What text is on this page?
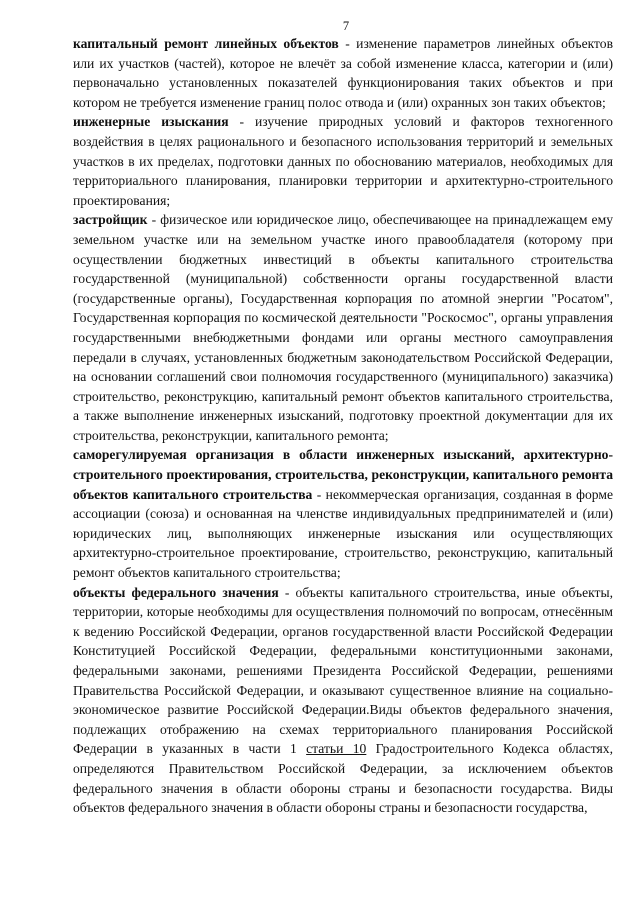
7

капитальный ремонт линейных объектов - изменение параметров линейных объектов или их участков (частей), которое не влечёт за собой изменение класса, категории и (или) первоначально установленных показателей функционирования таких объектов и при котором не требуется изменение границ полос отвода и (или) охранных зон таких объектов;

инженерные изыскания - изучение природных условий и факторов техногенного воздействия в целях рационального и безопасного использования территорий и земельных участков в их пределах, подготовки данных по обоснованию материалов, необходимых для территориального планирования, планировки территории и архитектурно-строительного проектирования;

застройщик - физическое или юридическое лицо, обеспечивающее на принадлежащем ему земельном участке или на земельном участке иного правообладателя (которому при осуществлении бюджетных инвестиций в объекты капитального строительства государственной (муниципальной) собственности органы государственной власти (государственные органы), Государственная корпорация по атомной энергии "Росатом", Государственная корпорация по космической деятельности "Роскосмос", органы управления государственными внебюджетными фондами или органы местного самоуправления передали в случаях, установленных бюджетным законодательством Российской Федерации, на основании соглашений свои полномочия государственного (муниципального) заказчика) строительство, реконструкцию, капитальный ремонт объектов капитального строительства, а также выполнение инженерных изысканий, подготовку проектной документации для их строительства, реконструкции, капитального ремонта;

саморегулируемая организация в области инженерных изысканий, архитектурно-строительного проектирования, строительства, реконструкции, капитального ремонта объектов капитального строительства - некоммерческая организация, созданная в форме ассоциации (союза) и основанная на членстве индивидуальных предпринимателей и (или) юридических лиц, выполняющих инженерные изыскания или осуществляющих архитектурно-строительное проектирование, строительство, реконструкцию, капитальный ремонт объектов капитального строительства;

объекты федерального значения - объекты капитального строительства, иные объекты, территории, которые необходимы для осуществления полномочий по вопросам, отнесённым к ведению Российской Федерации, органов государственной власти Российской Федерации Конституцией Российской Федерации, федеральными конституционными законами, федеральными законами, решениями Президента Российской Федерации, решениями Правительства Российской Федерации, и оказывают существенное влияние на социально-экономическое развитие Российской Федерации.Виды объектов федерального значения, подлежащих отображению на схемах территориального планирования Российской Федерации в указанных в части 1 статьи 10 Градостроительного Кодекса областях, определяются Правительством Российской Федерации, за исключением объектов федерального значения в области обороны страны и безопасности государства. Виды объектов федерального значения в области обороны страны и безопасности государства,
